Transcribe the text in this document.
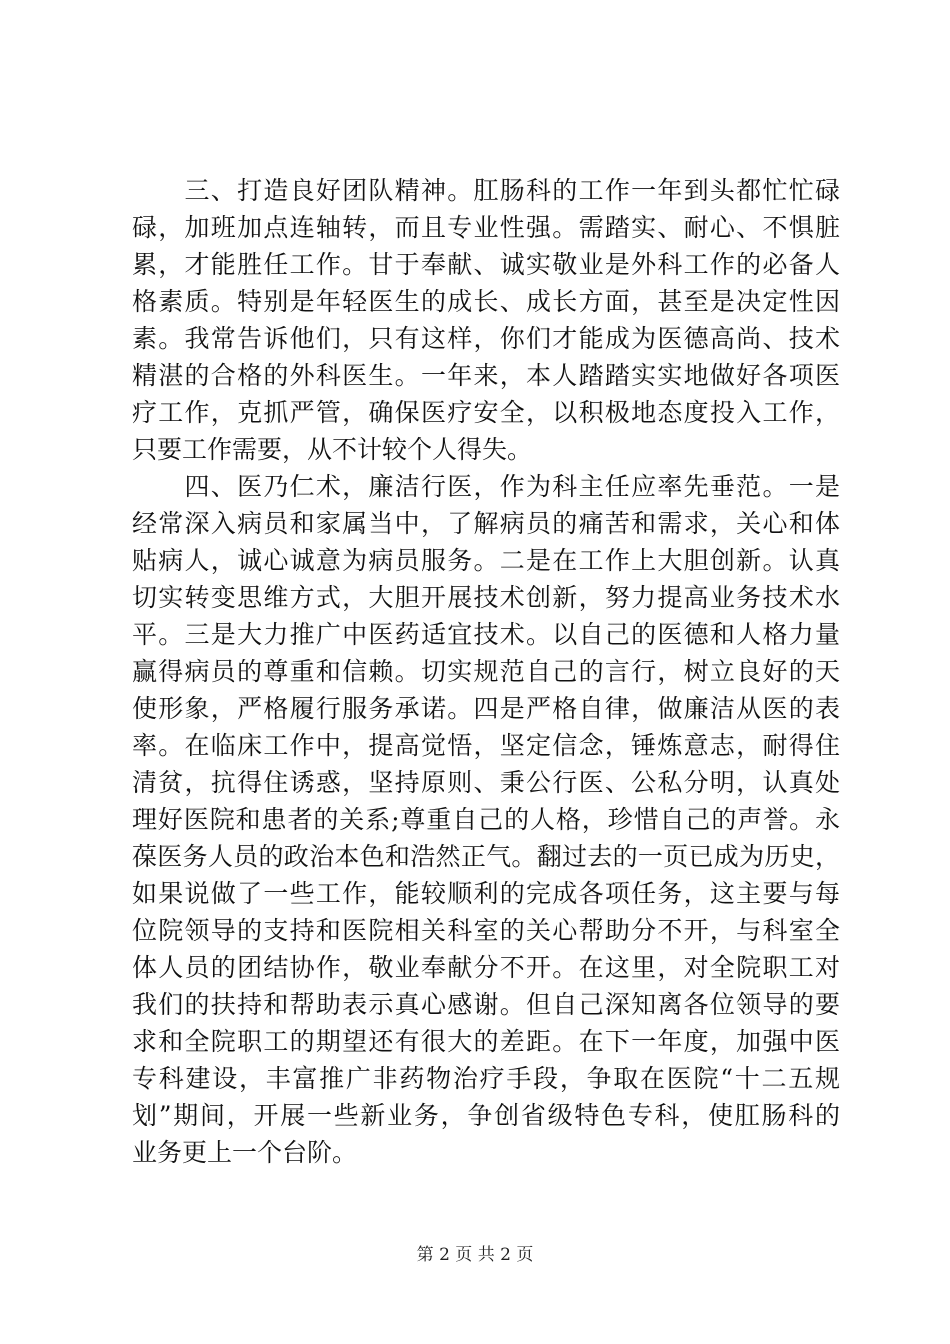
　　三、打造良好团队精神。肛肠科的工作一年到头都忙忙碌
碌，加班加点连轴转，而且专业性强。需踏实、耐心、不惧脏
累，才能胜任工作。甘于奉献、诚实敬业是外科工作的必备人
格素质。特别是年轻医生的成长、成长方面，甚至是决定性因
素。我常告诉他们，只有这样，你们才能成为医德高尚、技术
精湛的合格的外科医生。一年来，本人踏踏实实地做好各项医
疗工作，克抓严管，确保医疗安全，以积极地态度投入工作，
只要工作需要，从不计较个人得失。
　　四、医乃仁术，廉洁行医，作为科主任应率先垂范。一是
经常深入病员和家属当中，了解病员的痛苦和需求，关心和体
贴病人，诚心诚意为病员服务。二是在工作上大胆创新。认真
切实转变思维方式，大胆开展技术创新，努力提高业务技术水
平。三是大力推广中医药适宜技术。以自己的医德和人格力量
赢得病员的尊重和信赖。切实规范自己的言行，树立良好的天
使形象，严格履行服务承诺。四是严格自律，做廉洁从医的表
率。在临床工作中，提高觉悟，坚定信念，锤炼意志，耐得住
清贫，抗得住诱惑，坚持原则、秉公行医、公私分明，认真处
理好医院和患者的关系;尊重自己的人格，珍惜自己的声誉。永
葆医务人员的政治本色和浩然正气。翻过去的一页已成为历史，
如果说做了一些工作，能较顺利的完成各项任务，这主要与每
位院领导的支持和医院相关科室的关心帮助分不开，与科室全
体人员的团结协作，敬业奉献分不开。在这里，对全院职工对
我们的扶持和帮助表示真心感谢。但自己深知离各位领导的要
求和全院职工的期望还有很大的差距。在下一年度，加强中医
专科建设，丰富推广非药物治疗手段，争取在医院“十二五规
划”期间，开展一些新业务，争创省级特色专科，使肛肠科的
业务更上一个台阶。
第 2 页 共 2 页
